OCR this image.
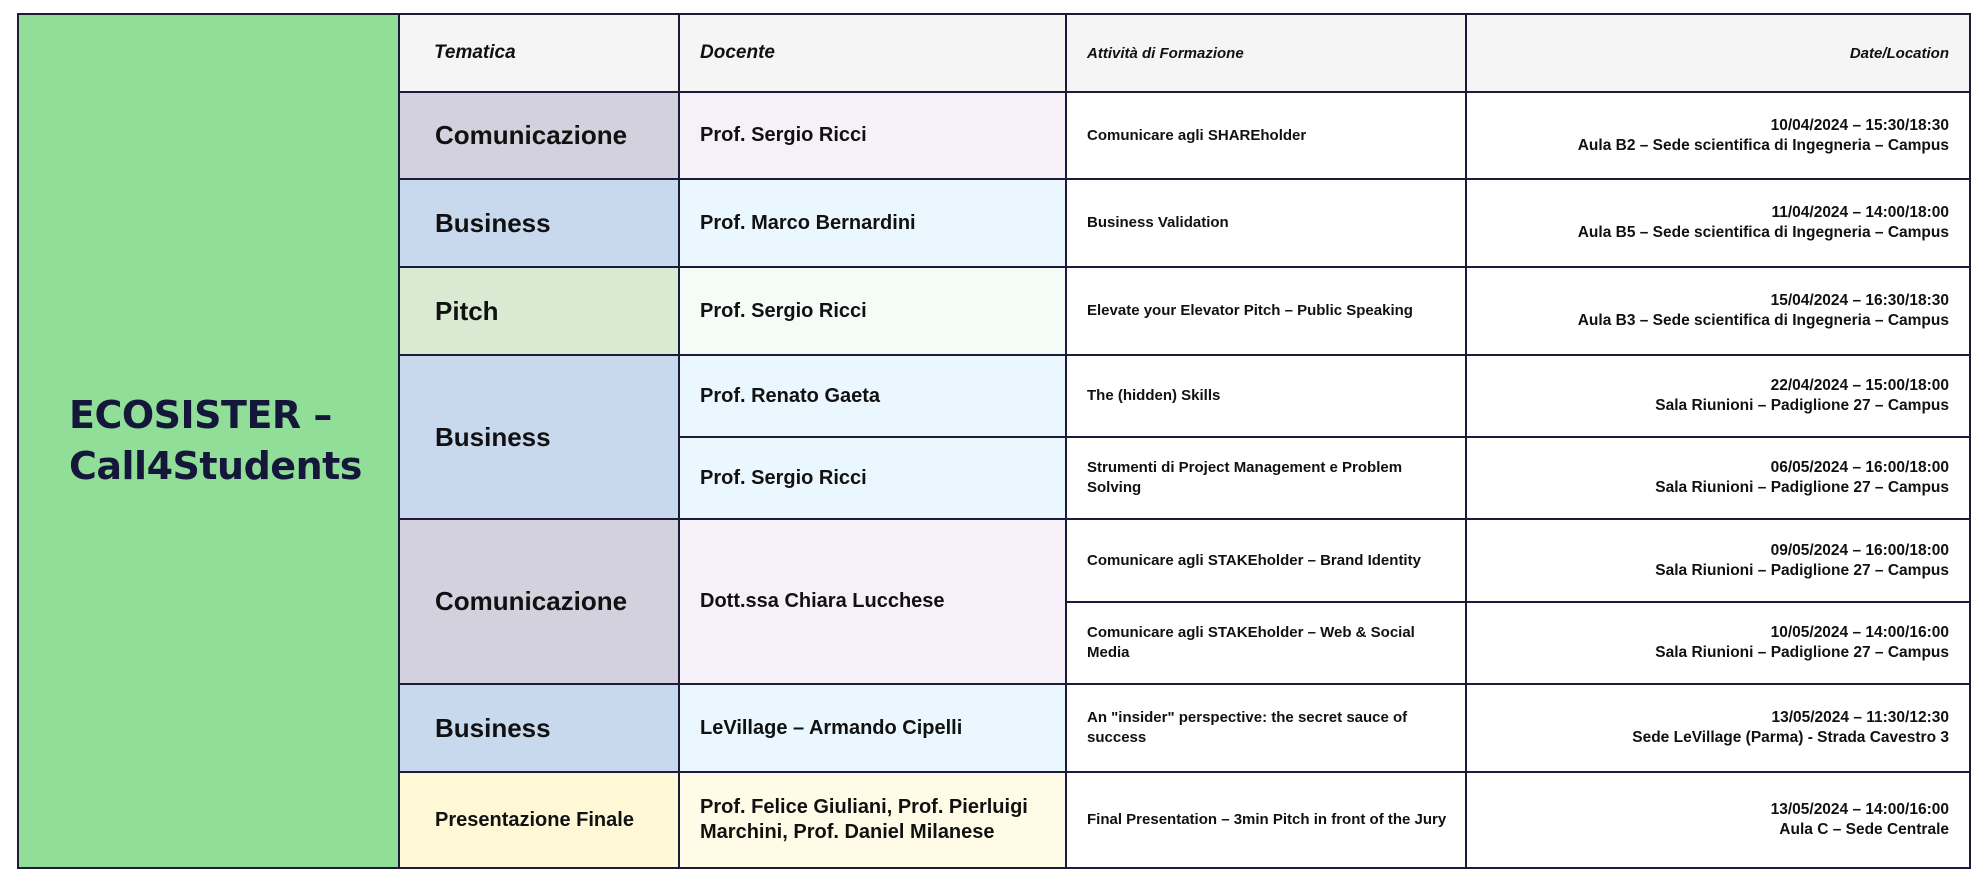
ECOSISTER – Call4Students	Tematica	Docente	Attività di Formazione	Date/Location
	Comunicazione	Prof. Sergio Ricci	Comunicare agli SHAREholder	10/04/2024 – 15:30/18:30
Aula B2 – Sede scientifica di Ingegneria – Campus

	Business	Prof. Marco Bernardini	Business Validation	11/04/2024 – 14:00/18:00
Aula B5 – Sede scientifica di Ingegneria – Campus

	Pitch	Prof. Sergio Ricci	Elevate your Elevator Pitch – Public Speaking	15/04/2024 – 16:30/18:30
Aula B3 – Sede scientifica di Ingegneria – Campus

	Business	Prof. Renato Gaeta	The (hidden) Skills	22/04/2024 – 15:00/18:00
Sala Riunioni – Padiglione 27 – Campus

		Prof. Sergio Ricci	Strumenti di Project Management e Problem Solving	06/05/2024 – 16:00/18:00
Sala Riunioni – Padiglione 27 – Campus

	Comunicazione	Dott.ssa Chiara Lucchese	Comunicare agli STAKEholder – Brand Identity	09/05/2024 – 16:00/18:00
Sala Riunioni – Padiglione 27 – Campus

			Comunicare agli STAKEholder – Web & Social Media	10/05/2024 – 14:00/16:00
Sala Riunioni – Padiglione 27 – Campus

	Business	LeVillage – Armando Cipelli	An "insider" perspective: the secret sauce of success	13/05/2024 – 11:30/12:30
Sede LeVillage (Parma) - Strada Cavestro 3

	Presentazione Finale	Prof. Felice Giuliani, Prof. Pierluigi Marchini, Prof. Daniel Milanese	Final Presentation – 3min Pitch in front of the Jury	13/05/2024 – 14:00/16:00
Aula C – Sede Centrale
